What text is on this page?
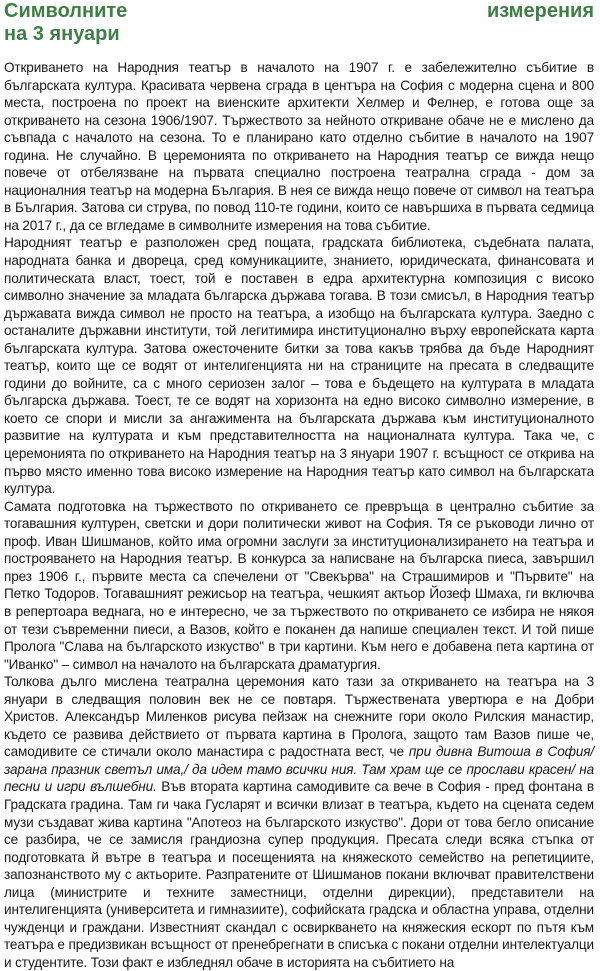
Символните измерения
на 3 януари

Откриването на Народния театър в началото на 1907 г. е забележително събитие в българската култура. Красивата червена сграда в центъра на София с модерна сцена и 800 места, построена по проект на виенските архитекти Хелмер и Фелнер, е готова още за откриването на сезона 1906/1907. Тържеството за нейното откриване обаче не е мислено да съвпада с началото на сезона. То е планирано като отделно събитие в началото на 1907 година. Не случайно. В церемонията по откриването на Народния театър се вижда нещо повече от отбелязване на първата специално построена театрална сграда - дом за националния театър на модерна България. В нея се вижда нещо повече от символ на театъра в България. Затова си струва, по повод 110-те години, които се навършиха в първата седмица на 2017 г., да се вгледаме в символните измерения на това събитие.

Народният театър е разположен сред пощата, градската библиотека, съдебната палата, народната банка и двореца, сред комуникациите, знанието, юридическата, финансовата и политическата власт, тоест, той е поставен в едра архитектурна композиция с високо символно значение за младата българска държава тогава. В този смисъл, в Народния театър държавата вижда символ не просто на театъра, а изобщо на българската култура. Заедно с останалите държавни институти, той легитимира институционално върху европейската карта българската култура. Затова ожесточените битки за това какъв трябва да бъде Народният театър, които ще се водят от интелигенцията ни на страниците на пресата в следващите години до войните, са с много сериозен залог – това е бъдещето на културата в младата българска държава. Тоест, те се водят на хоризонта на едно високо символно измерение, в което се спори и мисли за ангажимента на българската държава към институционалното развитие на културата и към представителността на националната култура. Така че, с церемонията по откриването на Народния театър на 3 януари 1907 г. всъщност се открива на първо място именно това високо измерение на Народния театър като символ на българската култура.

Самата подготовка на тържеството по откриването се превръща в централно събитие за тогавашния културен, светски и дори политически живот на София. Тя се ръководи лично от проф. Иван Шишманов, който има огромни заслуги за институционализирането на театъра и построяването на Народния театър. В конкурса за написване на българска пиеса, завършил през 1906 г., първите места са спечелени от "Свекърва" на Страшимиров и "Първите" на Петко Тодоров. Тогавашният режисьор на театъра, чешкият актьор Йозеф Шмаха, ги включва в репертоара веднага, но е интересно, че за тържеството по откриването се избира не някоя от тези съвременни пиеси, а Вазов, който е поканен да напише специален текст. И той пише Пролога "Слава на българското изкуство" в три картини. Към него е добавена пета картина от "Иванко" – символ на началото на българската драматургия.

Толкова дълго мислена театрална церемония като тази за откриването на театъра на 3 януари в следващия половин век не се повтаря. Тържествената увертюра е на Добри Христов. Александър Миленков рисува пейзаж на снежните гори около Рилския манастир, където се развива действието от първата картина в Пролога, защото там Вазов пише че, самодивите се стичали около манастира с радостната вест, че при дивна Витоша в София/ зарана празник светъл има,/ да идем тамо всички ния. Там храм ще се прослави красен/ на песни и игри вълшебни. Във втората картина самодивите са вече в София - пред фонтана в Градската градина. Там ги чака Гусларят и всички влизат в театъра, където на сцената седем музи създават жива картина "Апотеоз на българското изкуство". Дори от това бегло описание се разбира, че се замисля грандиозна супер продукция. Пресата следи всяка стъпка от подготовката й вътре в театъра и посещенията на княжеското семейство на репетициите, запознанството му с актьорите. Разпратените от Шишманов покани включват правителствени лица (министрите и техните заместници, отделни дирекции), представители на интелигенцията (университета и гимназиите), софийската градска и областна управа, отделни чужденци и граждани. Известният скандал с освиркването на княжеския ескорт по пътя към театъра е предизвикан всъщност от пренебрегнати в списъка с покани отделни интелектуалци и студентите. Този факт е избледнял обаче в историята на събитието на
